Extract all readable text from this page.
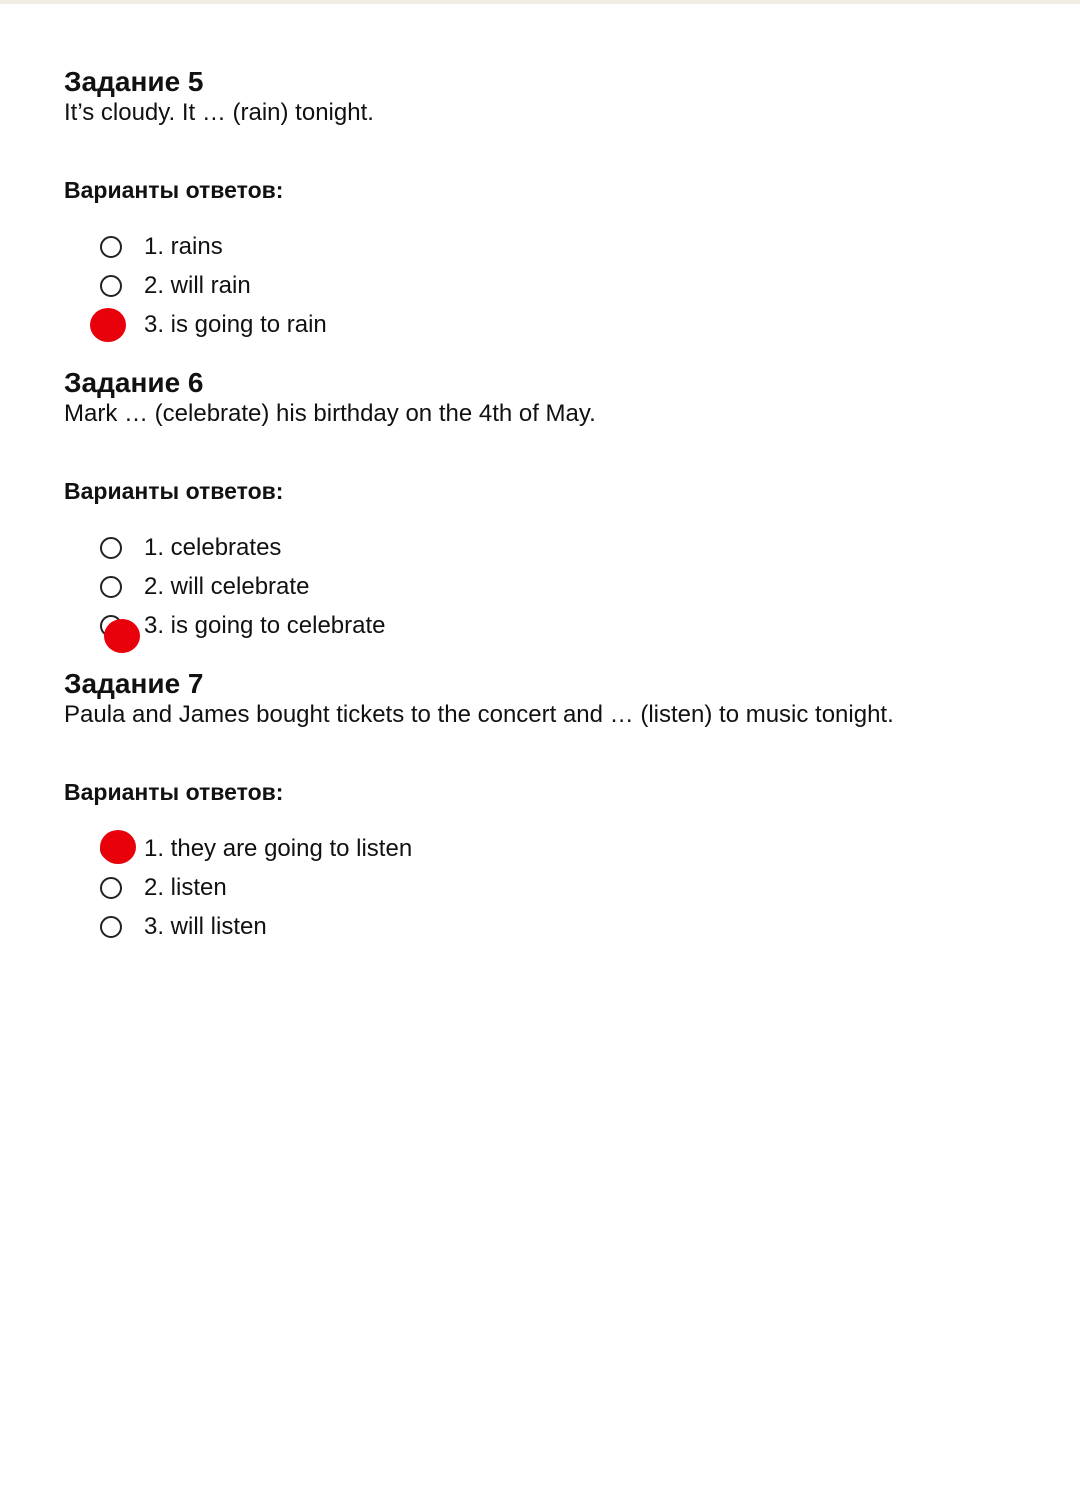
Задание 5

It’s cloudy. It … (rain) tonight.

Варианты ответов:
1. rains
2. will rain
3. is going to rain

Задание 6

Mark … (celebrate) his birthday on the 4th of May.

Варианты ответов:
1. celebrates
2. will celebrate
3. is going to celebrate

Задание 7

Paula and James bought tickets to the concert and … (listen) to music tonight.

Варианты ответов:
1. they are going to listen
2. listen
3. will listen
